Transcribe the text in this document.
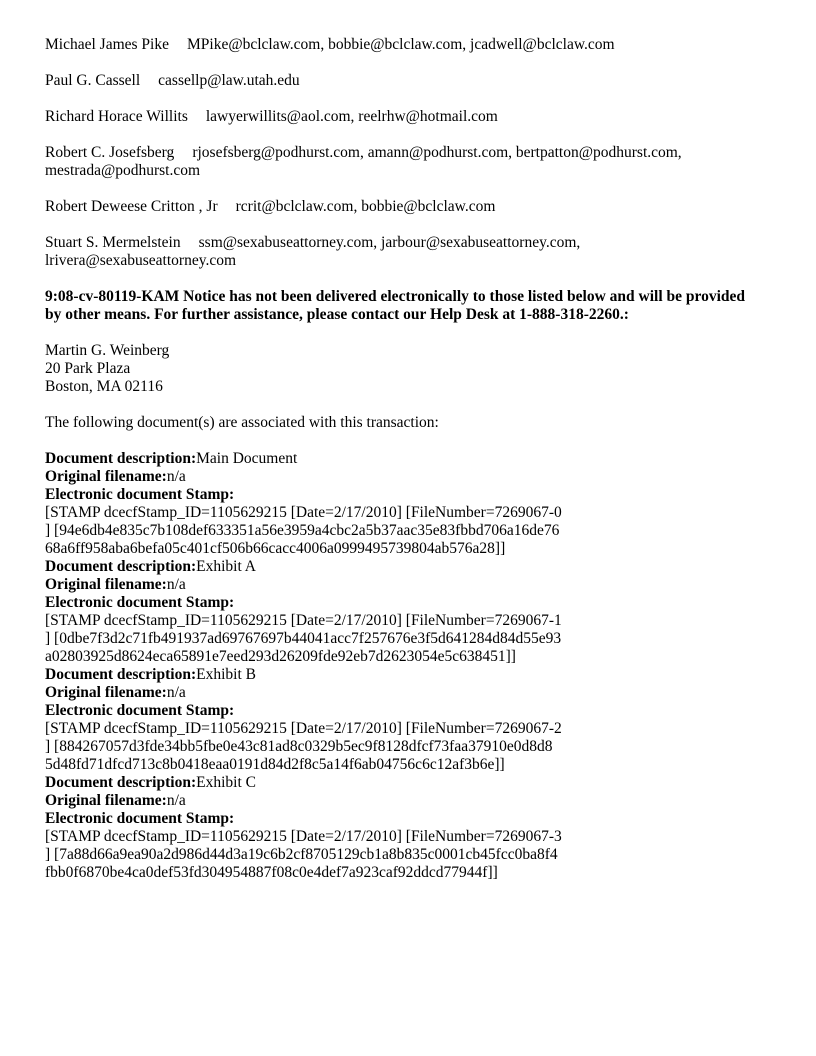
Michael James Pike MPike@bclclaw.com, bobbie@bclclaw.com, jcadwell@bclclaw.com
Paul G. Cassell cassellp@law.utah.edu
Richard Horace Willits lawyerwillits@aol.com, reelrhw@hotmail.com
Robert C. Josefsberg rjosefsberg@podhurst.com, amann@podhurst.com, bertpatton@podhurst.com,
mestrada@podhurst.com
Robert Deweese Critton , Jr rcrit@bclclaw.com, bobbie@bclclaw.com
Stuart S. Mermelstein ssm@sexabuseattorney.com, jarbour@sexabuseattorney.com,
lrivera@sexabuseattorney.com
9:08-cv-80119-KAM Notice has not been delivered electronically to those listed below and will be provided
by other means. For further assistance, please contact our Help Desk at 1-888-318-2260.:
Martin G. Weinberg
20 Park Plaza
Boston, MA 02116
The following document(s) are associated with this transaction:
Document description:Main Document
Original filename:n/a
Electronic document Stamp:
[STAMP dcecfStamp_ID=1105629215 [Date=2/17/2010] [FileNumber=7269067-0
] [94e6db4e835c7b108def633351a56e3959a4cbc2a5b37aac35e83fbbd706a16de76
68a6ff958aba6befa05c401cf506b66cacc4006a0999495739804ab576a28]]
Document description:Exhibit A
Original filename:n/a
Electronic document Stamp:
[STAMP dcecfStamp_ID=1105629215 [Date=2/17/2010] [FileNumber=7269067-1
] [0dbe7f3d2c71fb491937ad69767697b44041acc7f257676e3f5d641284d84d55e93
a02803925d8624eca65891e7eed293d26209fde92eb7d2623054e5c638451]]
Document description:Exhibit B
Original filename:n/a
Electronic document Stamp:
[STAMP dcecfStamp_ID=1105629215 [Date=2/17/2010] [FileNumber=7269067-2
] [884267057d3fde34bb5fbe0e43c81ad8c0329b5ec9f8128dfcf73faa37910e0d8d8
5d48fd71dfcd713c8b0418eaa0191d84d2f8c5a14f6ab04756c6c12af3b6e]]
Document description:Exhibit C
Original filename:n/a
Electronic document Stamp:
[STAMP dcecfStamp_ID=1105629215 [Date=2/17/2010] [FileNumber=7269067-3
] [7a88d66a9ea90a2d986d44d3a19c6b2cf8705129cb1a8b835c0001cb45fcc0ba8f4
fbb0f6870be4ca0def53fd304954887f08c0e4def7a923caf92ddcd77944f]]
